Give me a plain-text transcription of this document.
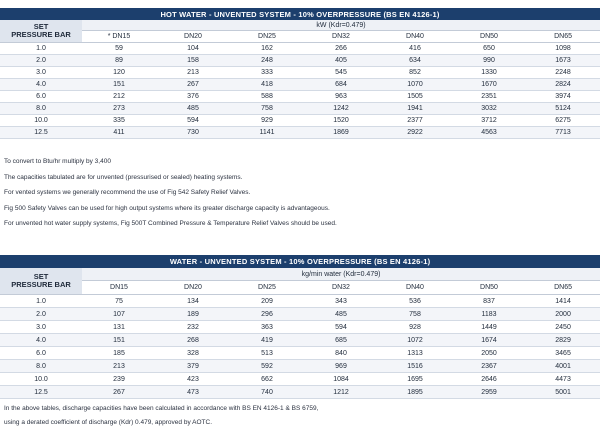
HOT WATER - UNVENTED SYSTEM - 10% OVERPRESSURE (BS EN 4126-1)							
SET
PRESSURE BAR	kW (Kdr=0.479)						
	* DN15	DN20	DN25	DN32	DN40	DN50	DN65
1.0	59	104	162	266	416	650	1098
2.0	89	158	248	405	634	990	1673
3.0	120	213	333	545	852	1330	2248
4.0	151	267	418	684	1070	1670	2824
6.0	212	376	588	963	1505	2351	3974
8.0	273	485	758	1242	1941	3032	5124
10.0	335	594	929	1520	2377	3712	6275
12.5	411	730	1141	1869	2922	4563	7713
To convert to Btu/hr multiply by 3,400
The capacities tabulated are for unvented (pressurised or sealed) heating systems.
For vented systems we generally recommend the use of Fig 542 Safety Relief Valves.
Fig 500 Safety Valves can be used for high output systems where its greater discharge capacity is advantageous.
For unvented hot water supply systems, Fig 500T Combined Pressure & Temperature Relief Valves should be used.
WATER - UNVENTED SYSTEM - 10% OVERPRESSURE (BS EN 4126-1)							
SET
PRESSURE BAR	kg/min water (Kdr=0.479)						
	DN15	DN20	DN25	DN32	DN40	DN50	DN65
1.0	75	134	209	343	536	837	1414
2.0	107	189	296	485	758	1183	2000
3.0	131	232	363	594	928	1449	2450
4.0	151	268	419	685	1072	1674	2829
6.0	185	328	513	840	1313	2050	3465
8.0	213	379	592	969	1516	2367	4001
10.0	239	423	662	1084	1695	2646	4473
12.5	267	473	740	1212	1895	2959	5001
In the above tables, discharge capacities have been calculated in accordance with BS EN 4126-1 & BS 6759,
using a derated coefficient of discharge (Kdr) 0.479, approved by AOTC.
